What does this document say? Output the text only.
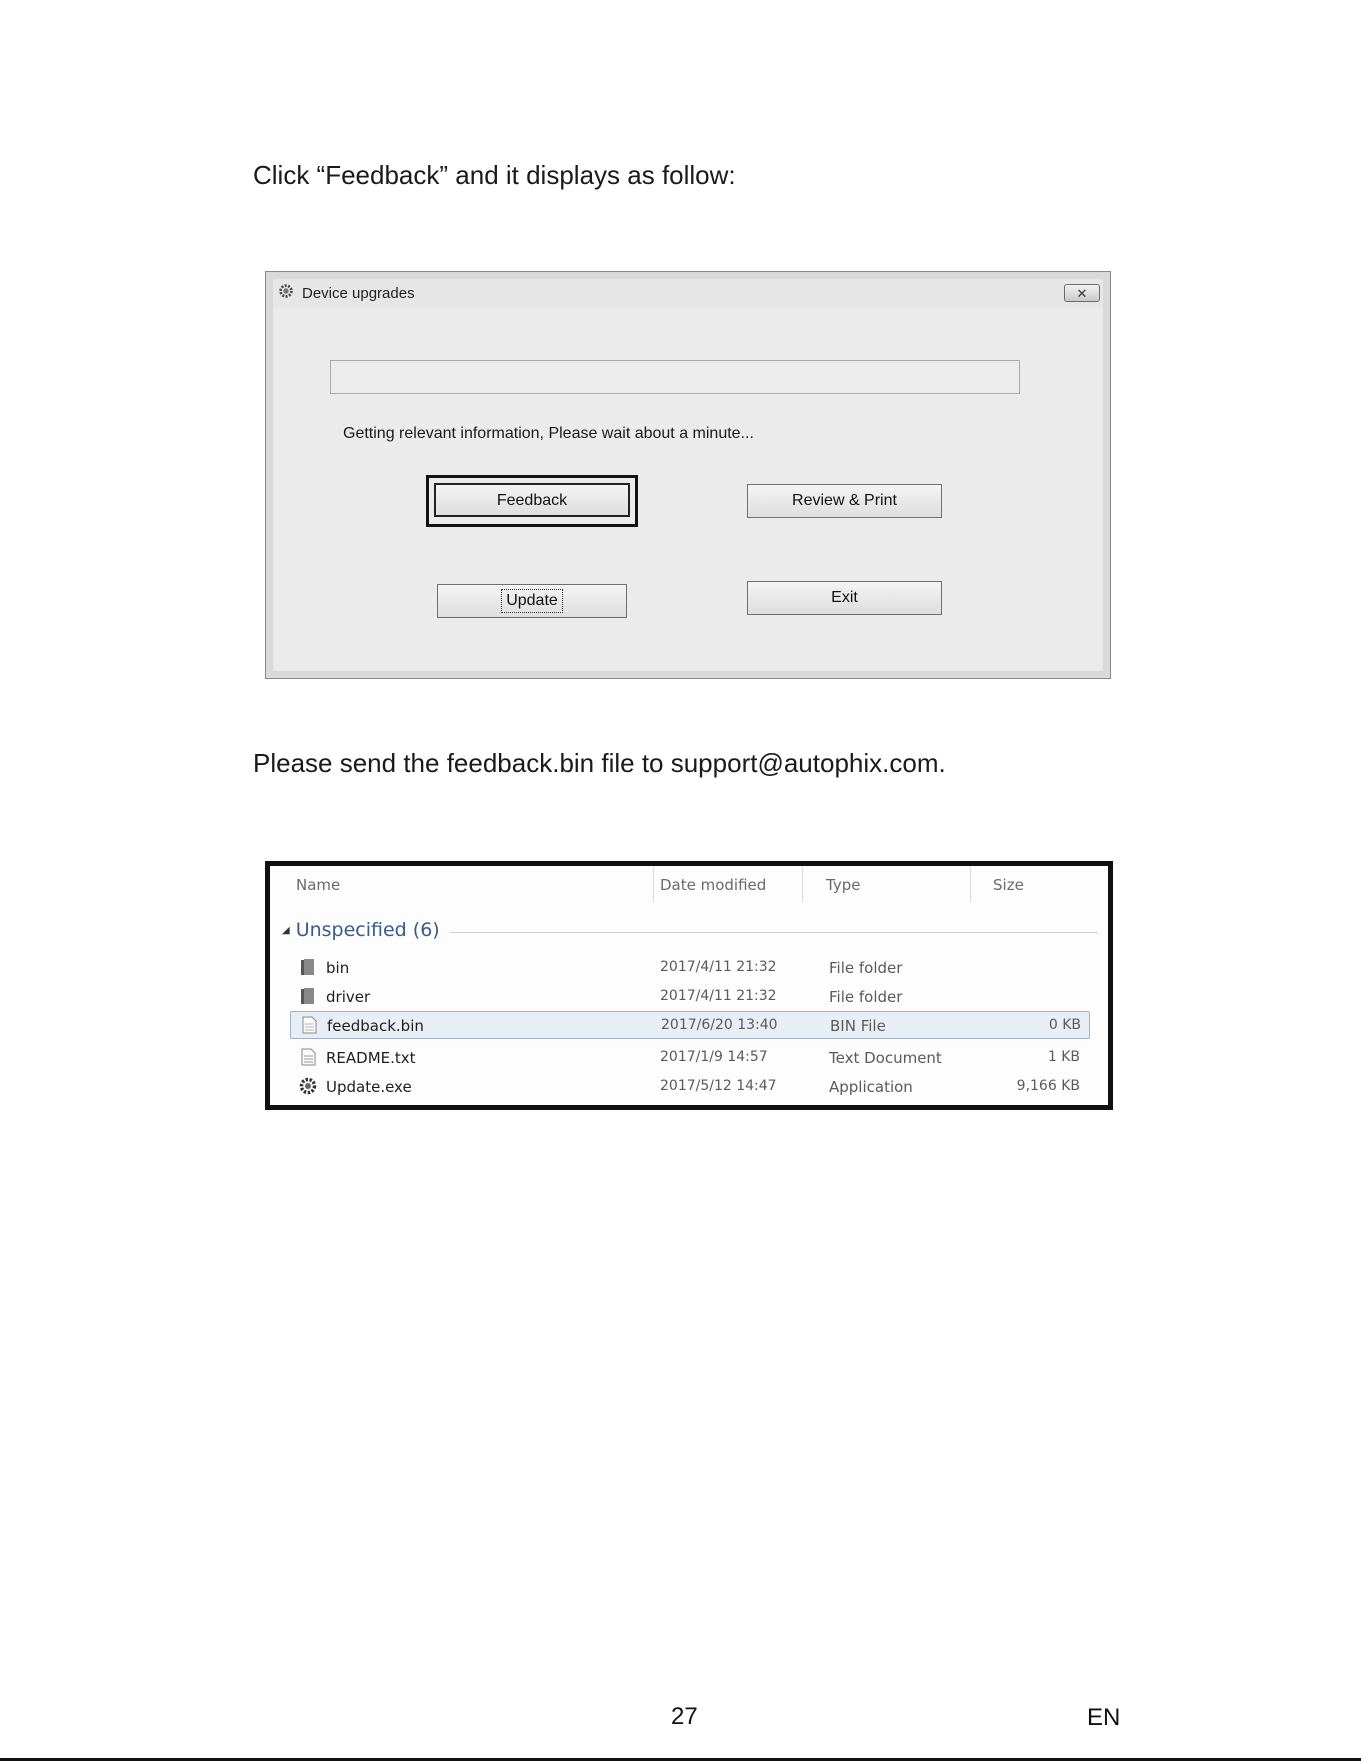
Click “Feedback” and it displays as follow:
Device upgrades	✕
Getting relevant information, Please wait about a minute...
Feedback	Review & Print
Update	Exit
Please send the feedback.bin file to support@autophix.com.
Name	Date modified	Type	Size
◢ Unspecified (6)
bin	2017/4/11 21:32	File folder
driver	2017/4/11 21:32	File folder
feedback.bin	2017/6/20 13:40	BIN File	0 KB
README.txt	2017/1/9 14:57	Text Document	1 KB
Update.exe	2017/5/12 14:47	Application	9,166 KB
27	EN
